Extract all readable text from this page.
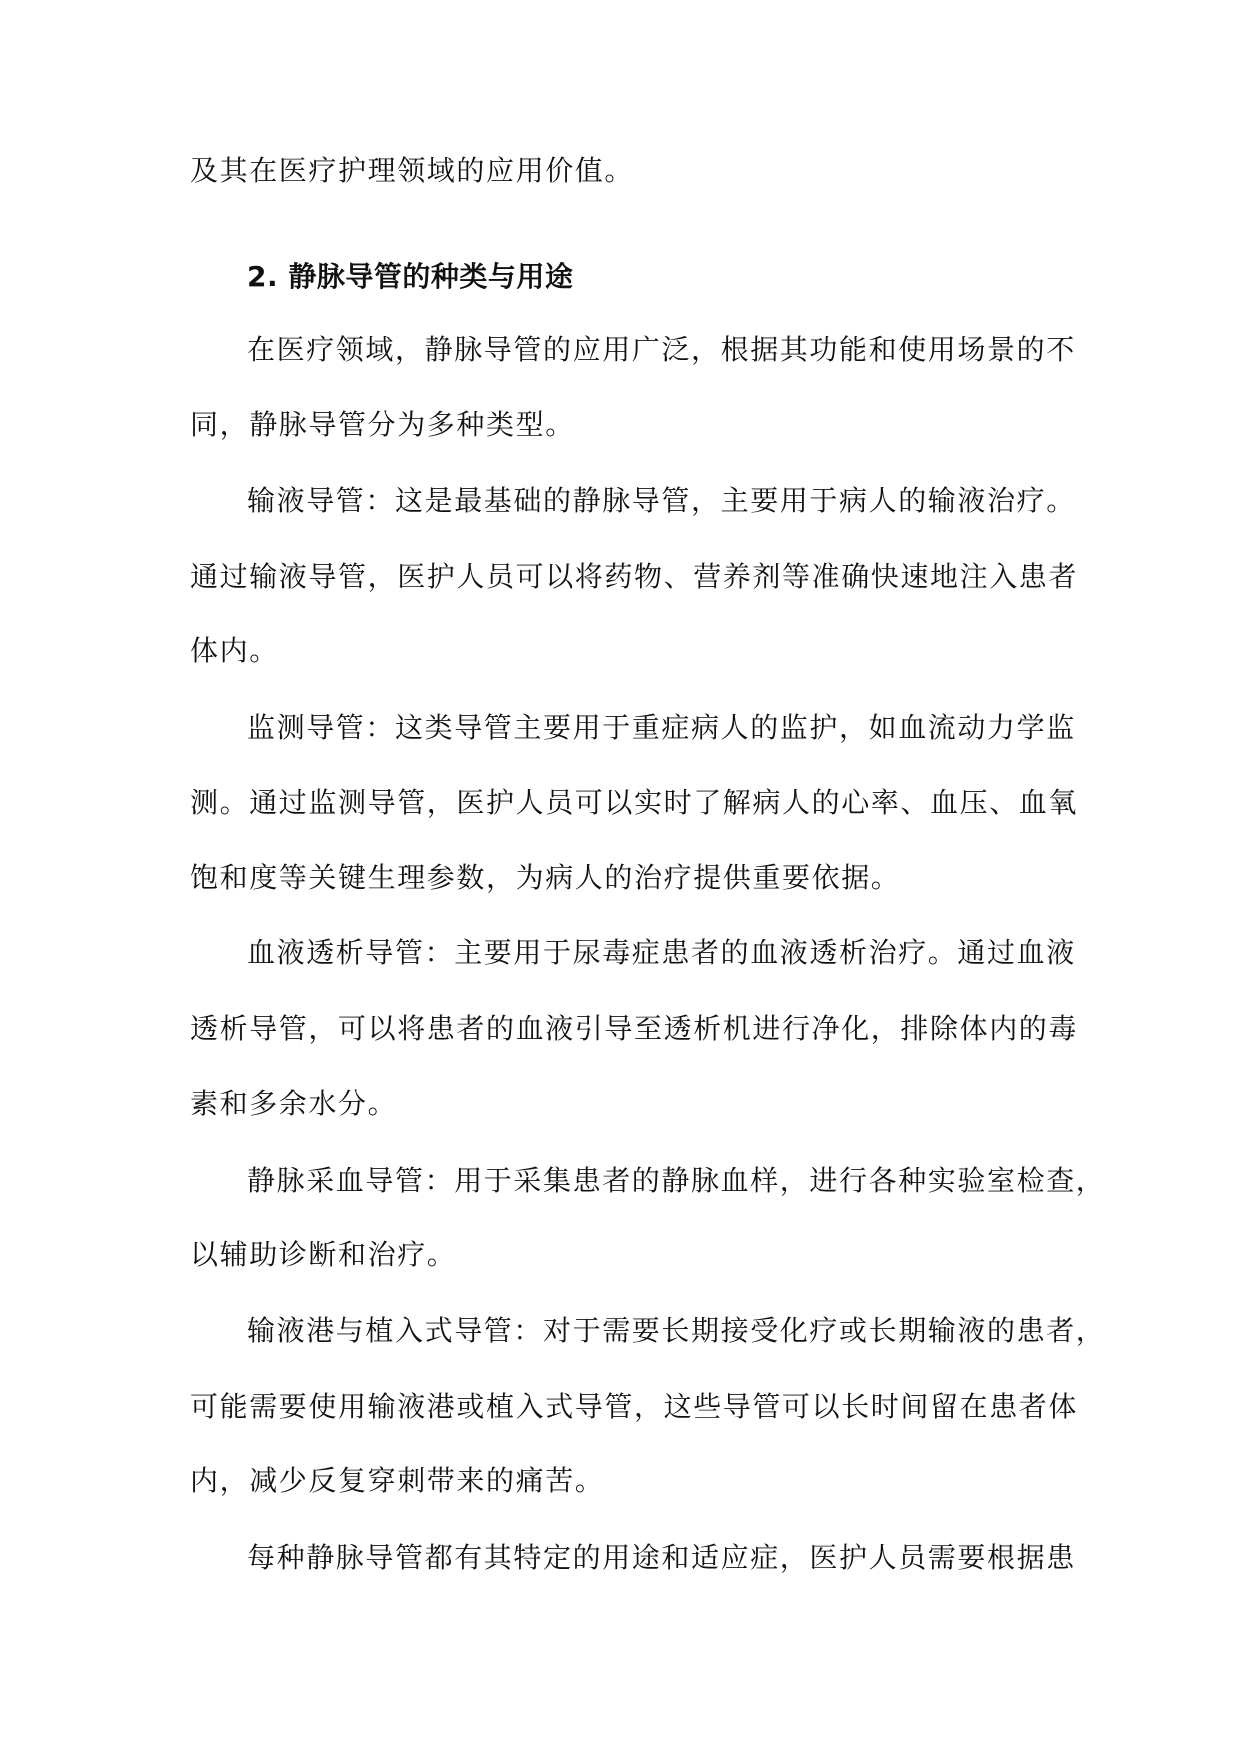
及其在医疗护理领域的应用价值。
2. 静脉导管的种类与用途
在医疗领域，静脉导管的应用广泛，根据其功能和使用场景的不
同，静脉导管分为多种类型。
输液导管：这是最基础的静脉导管，主要用于病人的输液治疗。
通过输液导管，医护人员可以将药物、营养剂等准确快速地注入患者
体内。
监测导管：这类导管主要用于重症病人的监护，如血流动力学监
测。通过监测导管，医护人员可以实时了解病人的心率、血压、血氧
饱和度等关键生理参数，为病人的治疗提供重要依据。
血液透析导管：主要用于尿毒症患者的血液透析治疗。通过血液
透析导管，可以将患者的血液引导至透析机进行净化，排除体内的毒
素和多余水分。
静脉采血导管：用于采集患者的静脉血样，进行各种实验室检查，
以辅助诊断和治疗。
输液港与植入式导管：对于需要长期接受化疗或长期输液的患者，
可能需要使用输液港或植入式导管，这些导管可以长时间留在患者体
内，减少反复穿刺带来的痛苦。
每种静脉导管都有其特定的用途和适应症，医护人员需要根据患
